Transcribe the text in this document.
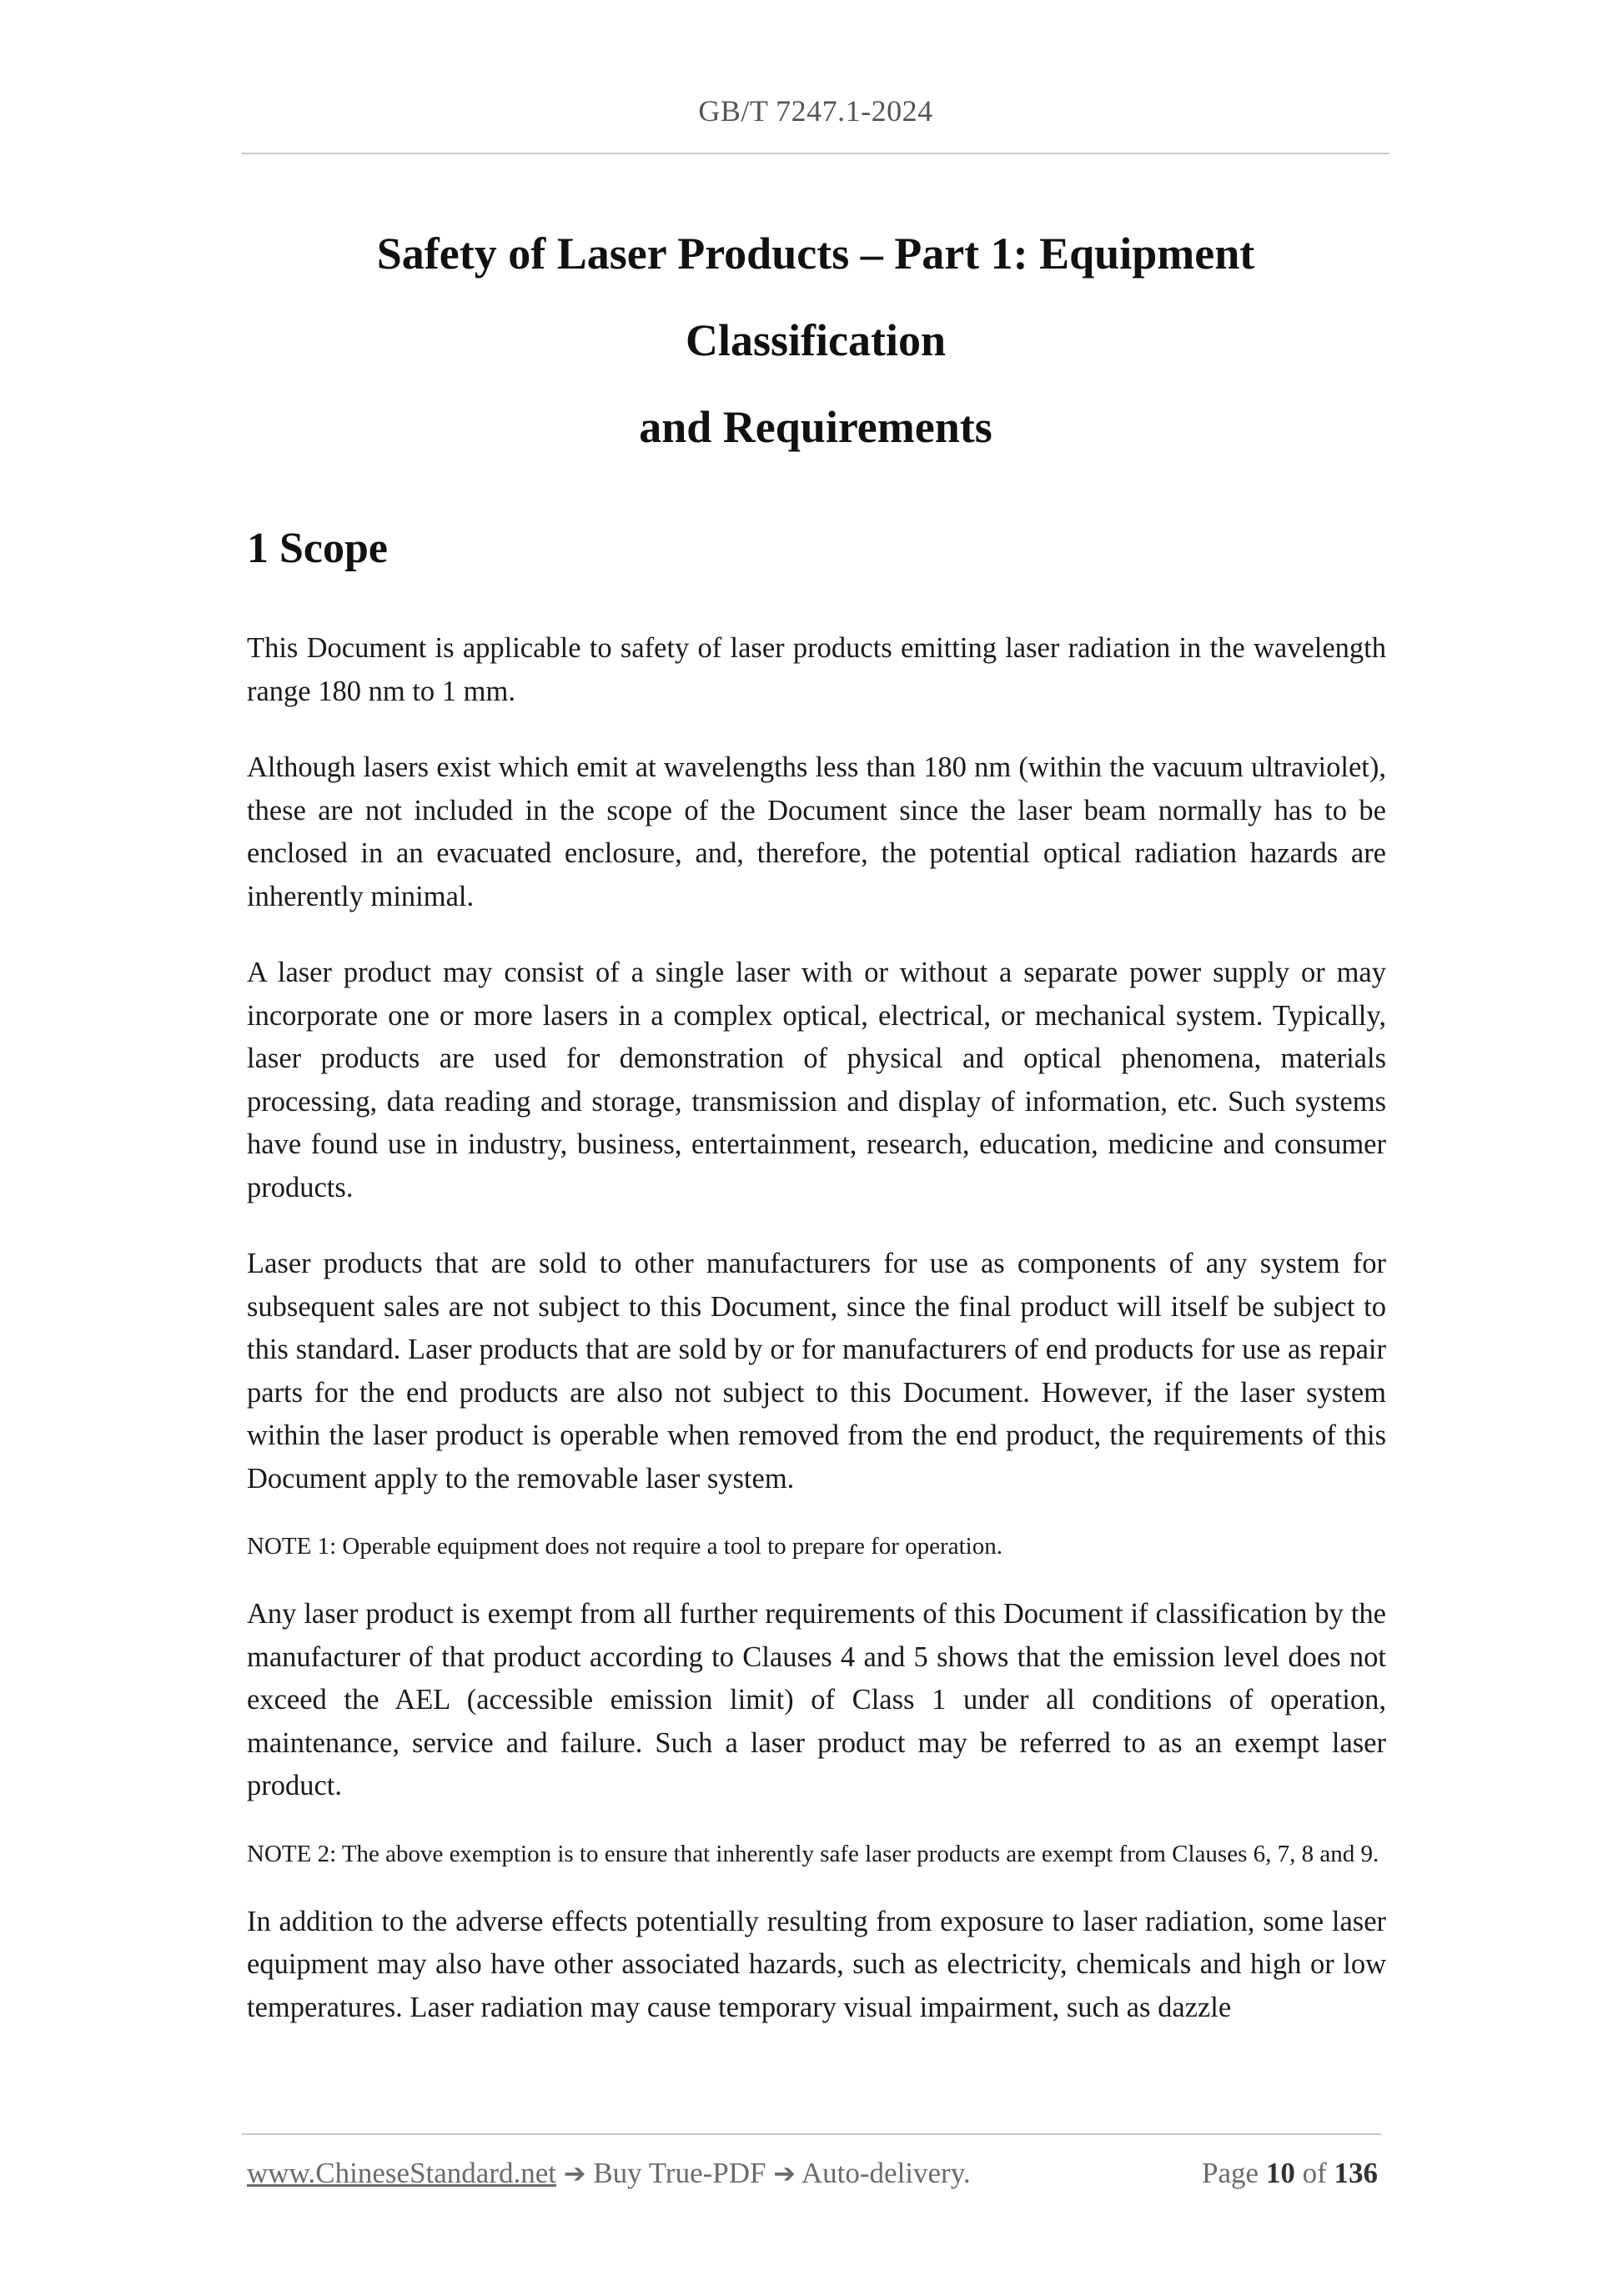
GB/T 7247.1-2024
Safety of Laser Products – Part 1: Equipment Classification
and Requirements
1 Scope

This Document is applicable to safety of laser products emitting laser radiation in the wavelength range 180 nm to 1 mm.

Although lasers exist which emit at wavelengths less than 180 nm (within the vacuum ultraviolet), these are not included in the scope of the Document since the laser beam normally has to be enclosed in an evacuated enclosure, and, therefore, the potential optical radiation hazards are inherently minimal.

A laser product may consist of a single laser with or without a separate power supply or may incorporate one or more lasers in a complex optical, electrical, or mechanical system. Typically, laser products are used for demonstration of physical and optical phenomena, materials processing, data reading and storage, transmission and display of information, etc. Such systems have found use in industry, business, entertainment, research, education, medicine and consumer products.

Laser products that are sold to other manufacturers for use as components of any system for subsequent sales are not subject to this Document, since the final product will itself be subject to this standard. Laser products that are sold by or for manufacturers of end products for use as repair parts for the end products are also not subject to this Document. However, if the laser system within the laser product is operable when removed from the end product, the requirements of this Document apply to the removable laser system.

NOTE 1: Operable equipment does not require a tool to prepare for operation.

Any laser product is exempt from all further requirements of this Document if classification by the manufacturer of that product according to Clauses 4 and 5 shows that the emission level does not exceed the AEL (accessible emission limit) of Class 1 under all conditions of operation, maintenance, service and failure. Such a laser product may be referred to as an exempt laser product.

NOTE 2: The above exemption is to ensure that inherently safe laser products are exempt from Clauses 6, 7, 8 and 9.

In addition to the adverse effects potentially resulting from exposure to laser radiation, some laser equipment may also have other associated hazards, such as electricity, chemicals and high or low temperatures. Laser radiation may cause temporary visual impairment, such as dazzle

www.ChineseStandard.net ➔ Buy True-PDF ➔ Auto-delivery.	Page 10 of 136
